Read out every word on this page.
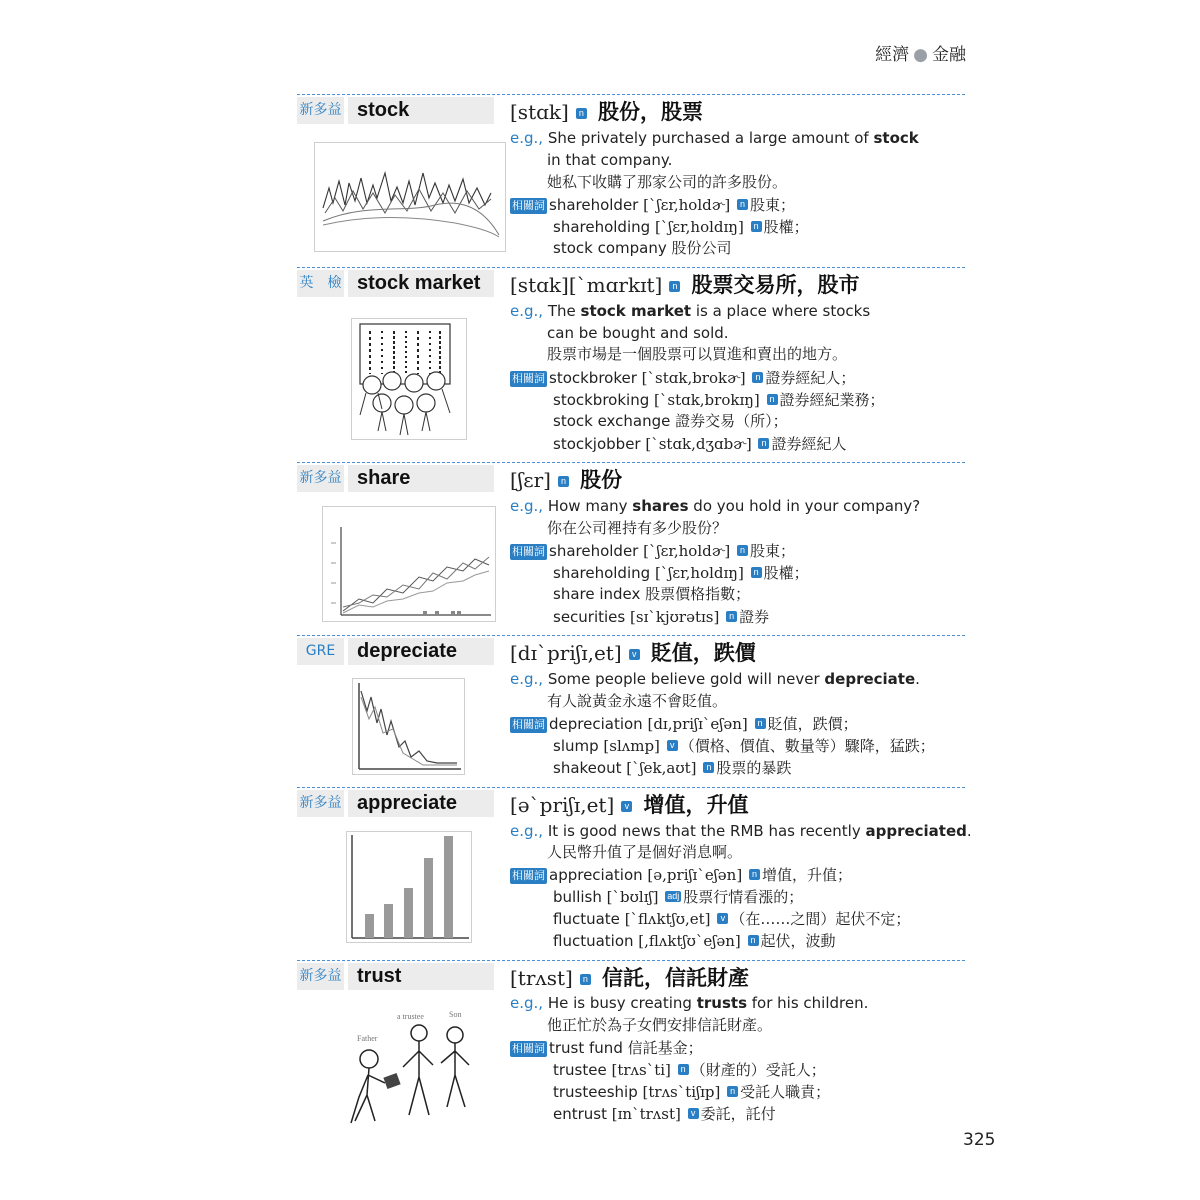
經濟 ● 金融
新多益 stock	[stɑk] n 股份，股票
e.g., She privately purchased a large amount of stock
in that company.
她私下收購了那家公司的許多股份。
相關詞 shareholder [ˋʃɛr,holdɚ] n 股東；
shareholding [ˋʃɛr,holdɪŋ] n 股權；
stock company 股份公司
英　檢 stock market [stɑk][ˋmɑrkɪt] n 股票交易所，股市
e.g., The stock market is a place where stocks
can be bought and sold.
股票市場是一個股票可以買進和賣出的地方。
相關詞 stockbroker [ˋstɑk,brokɚ] n 證券經紀人；
stockbroking [ˋstɑk,brokɪŋ] n 證券經紀業務；
stock exchange 證券交易（所）；
stockjobber [ˋstɑk,dʒɑbɚ] n 證券經紀人
新多益 share	[ʃɛr] n 股份
e.g., How many shares do you hold in your company?
你在公司裡持有多少股份？
相關詞 shareholder [ˋʃɛr,holdɚ] n 股東；
shareholding [ˋʃɛr,holdɪŋ] n 股權；
share index 股票價格指數；
securities [sɪˋkjʊrətɪs] n 證券
GRE	depreciate	[dɪˋpriʃɪ,et] v 貶值，跌價
e.g., Some people believe gold will never depreciate.
有人說黃金永遠不會貶值。
相關詞 depreciation [dɪ,priʃɪˋeʃən] n 貶值，跌價；
slump [slʌmp] v （價格、價值、數量等）驟降，猛跌；
shakeout [ˋʃek,aʊt] n 股票的暴跌
新多益 appreciate	[əˋpriʃɪ,et] v 增值，升值
e.g., It is good news that the RMB has recently appreciated.
人民幣升值了是個好消息啊。
相關詞 appreciation [ə,priʃɪˋeʃən] n 增值，升值；
bullish [ˋbʊlɪʃ] adj 股票行情看漲的；
fluctuate [ˋflʌktʃʊ,et] v （在……之間）起伏不定；
fluctuation [,flʌktʃʊˋeʃən] n 起伏，波動
新多益 trust
a trustee	Son
Father
[trʌst] n 信託，信託財產
e.g., He is busy creating trusts for his children.
他正忙於為子女們安排信託財產。
相關詞 trust fund 信託基金；
trustee [trʌsˋti] n （財產的）受託人；
trusteeship [trʌsˋtiʃɪp] n 受託人職責；
entrust [ɪnˋtrʌst] v 委託，託付
325
